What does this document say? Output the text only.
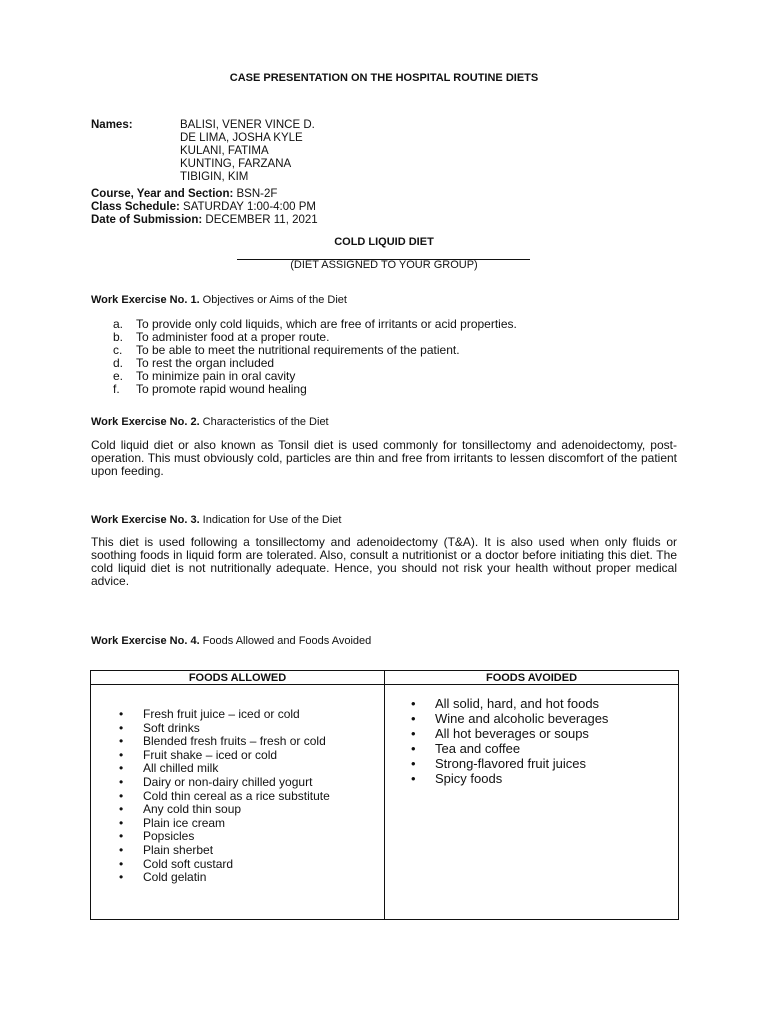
CASE PRESENTATION ON THE HOSPITAL ROUTINE DIETS
Names:	BALISI, VENER VINCE D.
DE LIMA, JOSHA KYLE
KULANI, FATIMA
KUNTING, FARZANA
TIBIGIN, KIM
Course, Year and Section: BSN-2F
Class Schedule: SATURDAY 1:00-4:00 PM
Date of Submission: DECEMBER 11, 2021
COLD LIQUID DIET
(DIET ASSIGNED TO YOUR GROUP)
Work Exercise No. 1. Objectives or Aims of the Diet
a. To provide only cold liquids, which are free of irritants or acid properties.
b. To administer food at a proper route.
c. To be able to meet the nutritional requirements of the patient.
d. To rest the organ included
e. To minimize pain in oral cavity
f. To promote rapid wound healing
Work Exercise No. 2. Characteristics of the Diet
Cold liquid diet or also known as Tonsil diet is used commonly for tonsillectomy and adenoidectomy, post-operation. This must obviously cold, particles are thin and free from irritants to lessen discomfort of the patient upon feeding.
Work Exercise No. 3. Indication for Use of the Diet
This diet is used following a tonsillectomy and adenoidectomy (T&A). It is also used when only fluids or soothing foods in liquid form are tolerated. Also, consult a nutritionist or a doctor before initiating this diet. The cold liquid diet is not nutritionally adequate. Hence, you should not risk your health without proper medical advice.
Work Exercise No. 4. Foods Allowed and Foods Avoided
FOODS ALLOWED	FOODS AVOIDED
• Fresh fruit juice – iced or cold
• Soft drinks
• Blended fresh fruits – fresh or cold
• Fruit shake – iced or cold
• All chilled milk
• Dairy or non-dairy chilled yogurt
• Cold thin cereal as a rice substitute
• Any cold thin soup
• Plain ice cream
• Popsicles
• Plain sherbet
• Cold soft custard
• Cold gelatin
• All solid, hard, and hot foods
• Wine and alcoholic beverages
• All hot beverages or soups
• Tea and coffee
• Strong-flavored fruit juices
• Spicy foods
